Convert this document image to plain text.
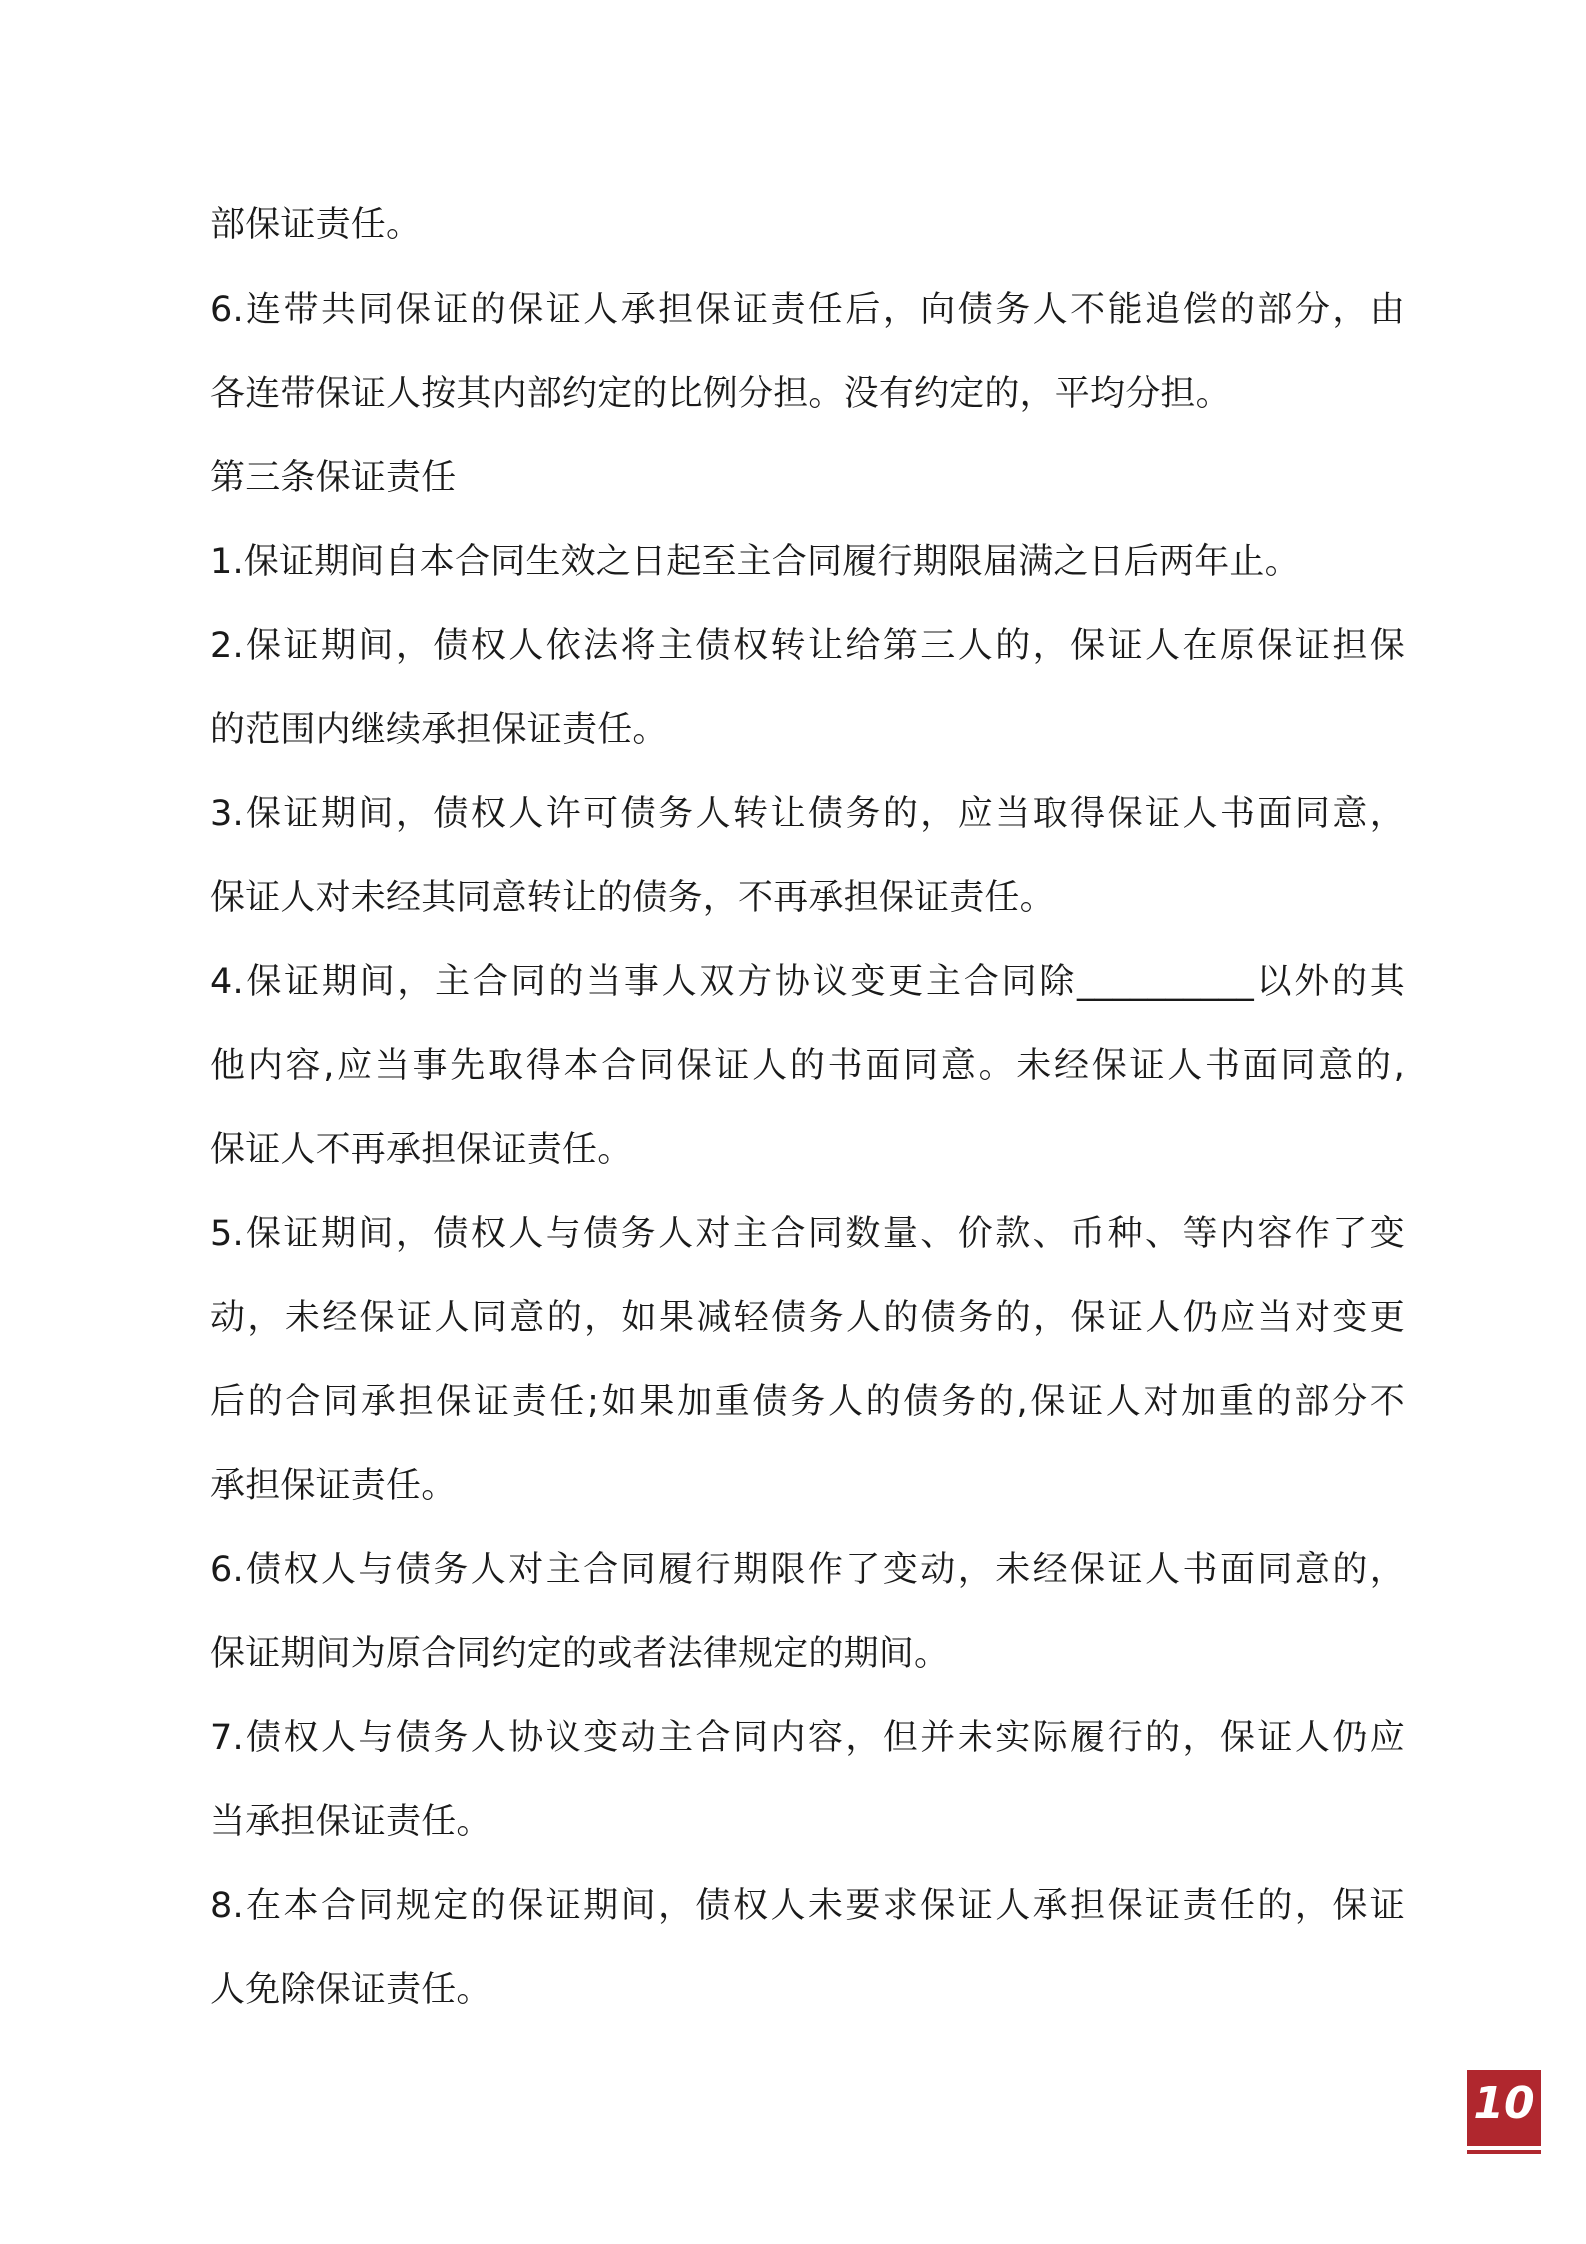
部保证责任。
6.连带共同保证的保证人承担保证责任后，向债务人不能追偿的部分，由
各连带保证人按其内部约定的比例分担。没有约定的，平均分担。
第三条保证责任
1.保证期间自本合同生效之日起至主合同履行期限届满之日后两年止。
2.保证期间，债权人依法将主债权转让给第三人的，保证人在原保证担保
的范围内继续承担保证责任。
3.保证期间，债权人许可债务人转让债务的，应当取得保证人书面同意，
保证人对未经其同意转让的债务，不再承担保证责任。
4.保证期间，主合同的当事人双方协议变更主合同除__________以外的其
他内容,应当事先取得本合同保证人的书面同意。未经保证人书面同意的,
保证人不再承担保证责任。
5.保证期间，债权人与债务人对主合同数量、价款、币种、等内容作了变
动，未经保证人同意的，如果减轻债务人的债务的，保证人仍应当对变更
后的合同承担保证责任;如果加重债务人的债务的,保证人对加重的部分不
承担保证责任。
6.债权人与债务人对主合同履行期限作了变动，未经保证人书面同意的，
保证期间为原合同约定的或者法律规定的期间。
7.债权人与债务人协议变动主合同内容，但并未实际履行的，保证人仍应
当承担保证责任。
8.在本合同规定的保证期间，债权人未要求保证人承担保证责任的，保证
人免除保证责任。
10
